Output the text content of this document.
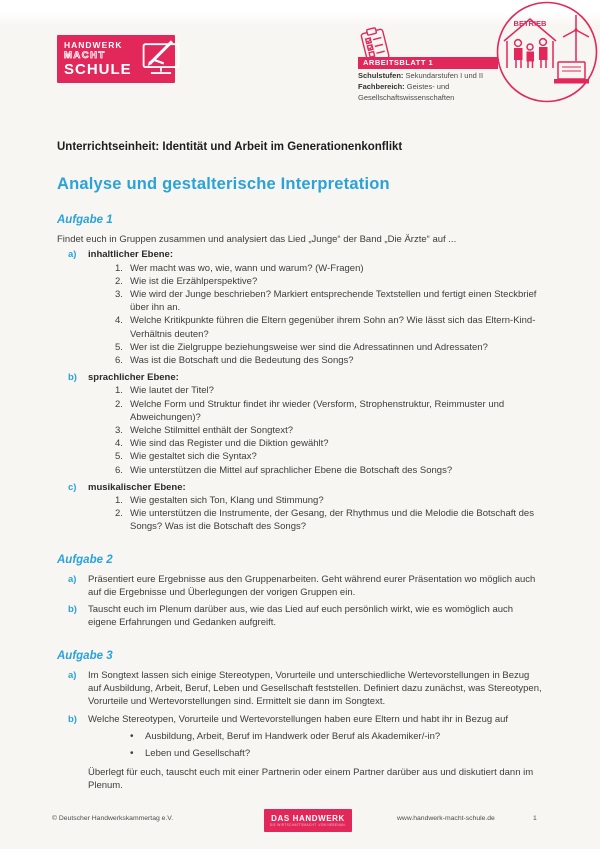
HANDWERK
MACHT
SCHULE	ARBEITSBLATT 1
Schulstufen: Sekundarstufen I und II
Fachbereich: Geistes- und Gesellschaftswissenschaften
BETRIEB

Unterrichtseinheit: Identität und Arbeit im Generationenkonflikt

Analyse und gestalterische Interpretation
Aufgabe 1

Findet euch in Gruppen zusammen und analysiert das Lied „Junge“ der Band „Die Ärzte“ auf ...

a)	inhaltlicher Ebene:
1. Wer macht was wo, wie, wann und warum? (W-Fragen)
2. Wie ist die Erzählperspektive?
3. Wie wird der Junge beschrieben? Markiert entsprechende Textstellen und fertigt einen Steckbrief über ihn an.
4. Welche Kritikpunkte führen die Eltern gegenüber ihrem Sohn an? Wie lässt sich das Eltern-Kind-Verhältnis deuten?
5. Wer ist die Zielgruppe beziehungsweise wer sind die Adressatinnen und Adressaten?
6. Was ist die Botschaft und die Bedeutung des Songs?
b)	sprachlicher Ebene:
1. Wie lautet der Titel?
2. Welche Form und Struktur findet ihr wieder (Versform, Strophenstruktur, Reimmuster und Abweichungen)?
3. Welche Stilmittel enthält der Songtext?
4. Wie sind das Register und die Diktion gewählt?
5. Wie gestaltet sich die Syntax?
6. Wie unterstützen die Mittel auf sprachlicher Ebene die Botschaft des Songs?
c)	musikalischer Ebene:
1. Wie gestalten sich Ton, Klang und Stimmung?
2. Wie unterstützen die Instrumente, der Gesang, der Rhythmus und die Melodie die Botschaft des Songs? Was ist die Botschaft des Songs?
Aufgabe 2
a)	Präsentiert eure Ergebnisse aus den Gruppenarbeiten. Geht während eurer Präsentation wo möglich auch auf die Ergebnisse und Überlegungen der vorigen Gruppen ein.
b)	Tauscht euch im Plenum darüber aus, wie das Lied auf euch persönlich wirkt, wie es womöglich auch eigene Erfahrungen und Gedanken aufgreift.
Aufgabe 3
a)	Im Songtext lassen sich einige Stereotypen, Vorurteile und unterschiedliche Wertevorstellungen in Bezug auf Ausbildung, Arbeit, Beruf, Leben und Gesellschaft feststellen. Definiert dazu zunächst, was Stereotypen, Vorurteile und Wertevorstellungen sind. Ermittelt sie dann im Songtext.
b)	Welche Stereotypen, Vorurteile und Wertevorstellungen haben eure Eltern und habt ihr in Bezug auf
•	Ausbildung, Arbeit, Beruf im Handwerk oder Beruf als Akademiker/-in?
•	Leben und Gesellschaft?
Überlegt für euch, tauscht euch mit einer Partnerin oder einem Partner darüber aus und diskutiert dann im Plenum.
© Deutscher Handwerkskammertag e.V.	DAS HANDWERK
DIE WIRTSCHAFTSMACHT. VON NEBENAN.
www.handwerk-macht-schule.de	1
